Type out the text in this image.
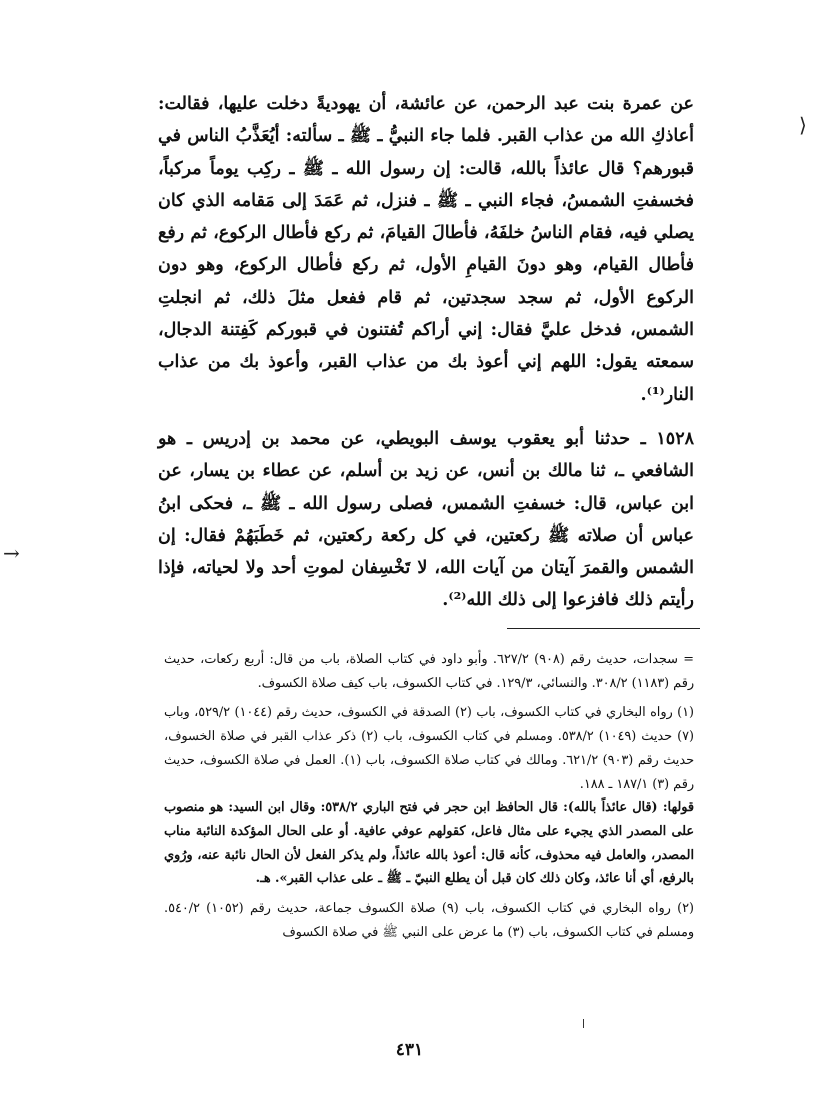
⟩
→

عن عمرة بنت عبد الرحمن، عن عائشة، أن يهوديةً دخلت عليها، فقالت: أعاذكِ الله من عذاب القبر. فلما جاء النبيُّ ـ ﷺ ـ سألته: أيُعَذَّبُ الناس في قبورهم؟ قال عائذاً بالله، قالت: إن رسول الله ـ ﷺ ـ ركِب يوماً مركباً، فخسفتِ الشمسُ، فجاء النبي ـ ﷺ ـ فنزل، ثم عَمَدَ إلى مَقامه الذي كان يصلي فيه، فقام الناسُ خلفَهُ، فأطالَ القيامَ، ثم ركع فأطال الركوع، ثم رفع فأطال القيام، وهو دونَ القيامِ الأول، ثم ركع فأطال الركوع، وهو دون الركوع الأول، ثم سجد سجدتين، ثم قام ففعل مثلَ ذلك، ثم انجلتِ الشمس، فدخل عليَّ فقال: إني أراكم تُفتنون في قبوركم كَفِتنة الدجال، سمعته يقول: اللهم إني أعوذ بك من عذاب القبر، وأعوذ بك من عذاب النار⁽¹⁾.

١٥٢٨ ـ حدثنا أبو يعقوب يوسف البويطي، عن محمد بن إدريس ـ هو الشافعي ـ، ثنا مالك بن أنس، عن زيد بن أسلم، عن عطاء بن يسار، عن ابن عباس، قال: خسفتِ الشمس، فصلى رسول الله ـ ﷺ ـ، فحكى ابنُ عباس أن صلاته ﷺ ركعتين، في كل ركعة ركعتين، ثم خَطَبَهُمْ فقال: إن الشمس والقمرَ آيتان من آيات الله، لا تَخْسِفان لموتِ أحد ولا لحياته، فإذا رأيتم ذلك فافزعوا إلى ذلك الله⁽²⁾.

= سجدات، حديث رقم (٩٠٨) ٦٢٧/٢. وأبو داود في كتاب الصلاة، باب من قال: أربع ركعات، حديث رقم (١١٨٣) ٣٠٨/٢. والنسائي، ١٢٩/٣. في كتاب الكسوف، باب كيف صلاة الكسوف.

(١) رواه البخاري في كتاب الكسوف، باب (٢) الصدقة في الكسوف، حديث رقم (١٠٤٤) ٥٢٩/٢، وباب (٧) حديث (١٠٤٩) ٥٣٨/٢. ومسلم في كتاب الكسوف، باب (٢) ذكر عذاب القبر في صلاة الخسوف، حديث رقم (٩٠٣) ٦٢١/٢. ومالك في كتاب صلاة الكسوف، باب (١). العمل في صلاة الكسوف، حديث رقم (٣) ١٨٧/١ ـ ١٨٨.

قولها: (قال عائذاً بالله): قال الحافظ ابن حجر في فتح الباري ٥٣٨/٢: وقال ابن السيد: هو منصوب على المصدر الذي يجيء على مثال فاعل، كقولهم عوفي عافية. أو على الحال المؤكدة النائبة مناب المصدر، والعامل فيه محذوف، كأنه قال: أعوذ بالله عائذاً، ولم يذكر الفعل لأن الحال نائبة عنه، ورُوي بالرفع، أي أنا عائذ، وكان ذلك كان قبل أن يطلع النبيّ ـ ﷺ ـ على عذاب القبر». هـ.

(٢) رواه البخاري في كتاب الكسوف، باب (٩) صلاة الكسوف جماعة، حديث رقم (١٠٥٢) ٥٤٠/٢. ومسلم في كتاب الكسوف، باب (٣) ما عرض على النبي ﷺ في صلاة الكسوف

٤٣١
